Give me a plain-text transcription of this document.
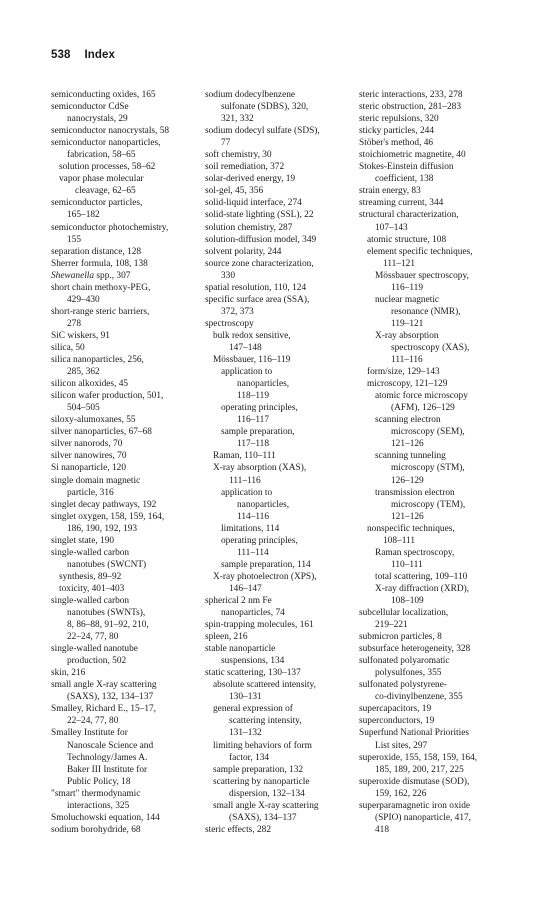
538 Index
semiconducting oxides, 165
semiconductor CdSe
nanocrystals, 29
semiconductor nanocrystals, 58
semiconductor nanoparticles,
fabrication, 58–65
solution processes, 58–62
vapor phase molecular
cleavage, 62–65
semiconductor particles,
165–182
semiconductor photochemistry,
155
separation distance, 128
Sherrer formula, 108, 138
Shewanella spp., 307
short chain methoxy-PEG,
429–430
short-range steric barriers,
278
SiC wiskers, 91
silica, 50
silica nanoparticles, 256,
285, 362
silicon alkoxides, 45
silicon wafer production, 501,
504–505
siloxy-alumoxanes, 55
silver nanoparticles, 67–68
silver nanorods, 70
silver nanowires, 70
Si nanoparticle, 120
single domain magnetic
particle, 316
singlet decay pathways, 192
singlet oxygen, 158, 159, 164,
186, 190, 192, 193
singlet state, 190
single-walled carbon
nanotubes (SWCNT)
synthesis, 89–92
toxicity, 401–403
single-walled carbon
nanotubes (SWNTs),
8, 86–88, 91–92, 210,
22–24, 77, 80
single-walled nanotube
production, 502
skin, 216
small angle X-ray scattering
(SAXS), 132, 134–137
Smalley, Richard E., 15–17,
22–24, 77, 80
Smalley Institute for
Nanoscale Science and
Technology/James A.
Baker III Institute for
Public Policy, 18
"smart" thermodynamic
interactions, 325
Smoluchowski equation, 144
sodium borohydride, 68
sodium dodecylbenzene
sulfonate (SDBS), 320,
321, 332
sodium dodecyl sulfate (SDS),
77
soft chemistry, 30
soil remediation, 372
solar-derived energy, 19
sol-gel, 45, 356
solid-liquid interface, 274
solid-state lighting (SSL), 22
solution chemistry, 287
solution-diffusion model, 349
solvent polarity, 244
source zone characterization,
330
spatial resolution, 110, 124
specific surface area (SSA),
372, 373
spectroscopy
bulk redox sensitive,
147–148
Mössbauer, 116–119
application to
nanoparticles,
118–119
operating principles,
116–117
sample preparation,
117–118
Raman, 110–111
X-ray absorption (XAS),
111–116
application to
nanoparticles,
114–116
limitations, 114
operating principles,
111–114
sample preparation, 114
X-ray photoelectron (XPS),
146–147
spherical 2 nm Fe
nanoparticles, 74
spin-trapping molecules, 161
spleen, 216
stable nanoparticle
suspensions, 134
static scattering, 130–137
absolute scattered intensity,
130–131
general expression of
scattering intensity,
131–132
limiting behaviors of form
factor, 134
sample preparation, 132
scattering by nanoparticle
dispersion, 132–134
small angle X-ray scattering
(SAXS), 134–137
steric effects, 282
steric interactions, 233, 278
steric obstruction, 281–283
steric repulsions, 320
sticky particles, 244
Stöber's method, 46
stoichiometric magnetite, 40
Stokes-Einstein diffusion
coefficient, 138
strain energy, 83
streaming current, 344
structural characterization,
107–143
atomic structure, 108
element specific techniques,
111–121
Mössbauer spectroscopy,
116–119
nuclear magnetic
resonance (NMR),
119–121
X-ray absorption
spectroscopy (XAS),
111–116
form/size, 129–143
microscopy, 121–129
atomic force microscopy
(AFM), 126–129
scanning electron
microscopy (SEM),
121–126
scanning tunneling
microscopy (STM),
126–129
transmission electron
microscopy (TEM),
121–126
nonspecific techniques,
108–111
Raman spectroscopy,
110–111
total scattering, 109–110
X-ray diffraction (XRD),
108–109
subcellular localization,
219–221
submicron particles, 8
subsurface heterogeneity, 328
sulfonated polyaromatic
polysulfones, 355
sulfonated polystyrene-
co-divinylbenzene, 355
supercapacitors, 19
superconductors, 19
Superfund National Priorities
List sites, 297
superoxide, 155, 158, 159, 164,
185, 189, 200, 217, 225
superoxide dismutase (SOD),
159, 162, 226
superparamagnetic iron oxide
(SPIO) nanoparticle, 417,
418
